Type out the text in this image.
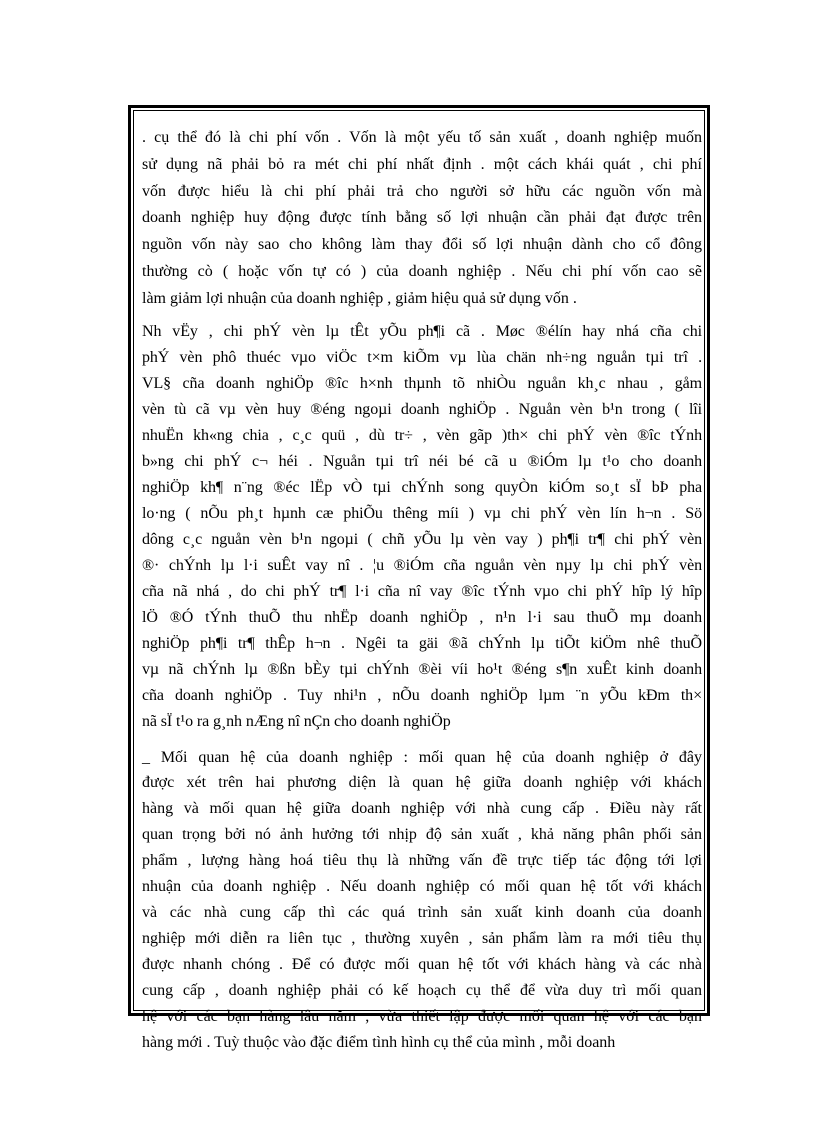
. cụ thể đó là chi phí vốn . Vốn là một yếu tố sản xuất , doanh nghiệp muốn
sử dụng nã phải bỏ ra mét chi phí nhất định . một cách khái quát , chi phí
vốn được hiểu là chi phí phải trả cho người sở hữu các nguồn vốn mà
doanh nghiệp huy động được tính bằng số lợi nhuận cần phải đạt được trên
nguồn vốn này sao cho không làm thay đổi số lợi nhuận dành cho cổ đông
thường cò ( hoặc vốn tự có ) của doanh nghiệp . Nếu chi phí vốn cao sẽ
làm giảm lợi nhuận của doanh nghiệp , giảm hiệu quả sử dụng vốn .
Nh vËy , chi phÝ vèn lµ tÊt yÕu ph¶i cã . Møc ®élín hay nhá cña chi
phÝ vèn phô thuéc vµo viÖc t×m kiÕm vµ lùa chän nh÷ng nguån tµi trî .
VL§ cña doanh nghiÖp ®îc h×nh thµnh tõ nhiÒu nguån kh¸c nhau , gåm
vèn tù cã vµ vèn huy ®éng ngoµi doanh nghiÖp . Nguån vèn b¹n trong ( lîi
nhuËn kh«ng chia , c¸c quü , dù tr÷ , vèn gãp )th× chi phÝ vèn ®îc tÝnh
b»ng chi phÝ c¬ héi . Nguån tµi trî néi bé cã u ®iÓm lµ t¹o cho doanh
nghiÖp kh¶ n¨ng ®éc lËp vÒ tµi chÝnh song quyÒn kiÓm so¸t sÏ bÞ pha
lo·ng ( nÕu ph¸t hµnh cæ phiÕu thêng míi ) vµ chi phÝ vèn lín h¬n . Sö
dông c¸c nguån vèn b¹n ngoµi ( chñ yÕu lµ vèn vay ) ph¶i tr¶ chi phÝ vèn
®· chÝnh lµ l·i suÊt vay nî . ¦u ®iÓm cña nguån vèn nµy lµ chi phÝ vèn
cña nã nhá , do chi phÝ tr¶ l·i cña nî vay ®îc tÝnh vµo chi phÝ hîp lý hîp
lÖ ®Ó tÝnh thuÕ thu nhËp doanh nghiÖp , n¹n l·i sau thuÕ mµ doanh
nghiÖp ph¶i tr¶ thÊp h¬n . Ngêi ta gäi ®ã chÝnh lµ tiÕt kiÖm nhê thuÕ
vµ nã chÝnh lµ ®ßn bÈy tµi chÝnh ®èi víi ho¹t ®éng s¶n xuÊt kinh doanh
cña doanh nghiÖp . Tuy nhi¹n , nÕu doanh nghiÖp lµm ¨n yÕu kÐm th×
nã sÏ t¹o ra g¸nh nÆng nî nÇn cho doanh nghiÖp
_ Mối quan hệ của doanh nghiệp : mối quan hệ của doanh nghiệp ở đây
được xét trên hai phương diện là quan hệ giữa doanh nghiệp với khách
hàng và mối quan hệ giữa doanh nghiệp với nhà cung cấp . Điều này rất
quan trọng bởi nó ảnh hưởng tới nhịp độ sản xuất , khả năng phân phối sản
phẩm , lượng hàng hoá tiêu thụ là những vấn đề trực tiếp tác động tới lợi
nhuận của doanh nghiệp . Nếu doanh nghiệp có mối quan hệ tốt với khách
và các nhà cung cấp thì các quá trình sản xuất kinh doanh của doanh
nghiệp mới diễn ra liên tục , thường xuyên , sản phẩm làm ra mới tiêu thụ
được nhanh chóng . Để có được mối quan hệ tốt với khách hàng và các nhà
cung cấp , doanh nghiệp phải có kế hoạch cụ thể để vừa duy trì mối quan
hệ với các bạn hàng lâu năm , vừa thiết lập được mối quan hệ với các bạn
hàng mới . Tuỳ thuộc vào đặc điểm tình hình cụ thể của mình , mỗi doanh
